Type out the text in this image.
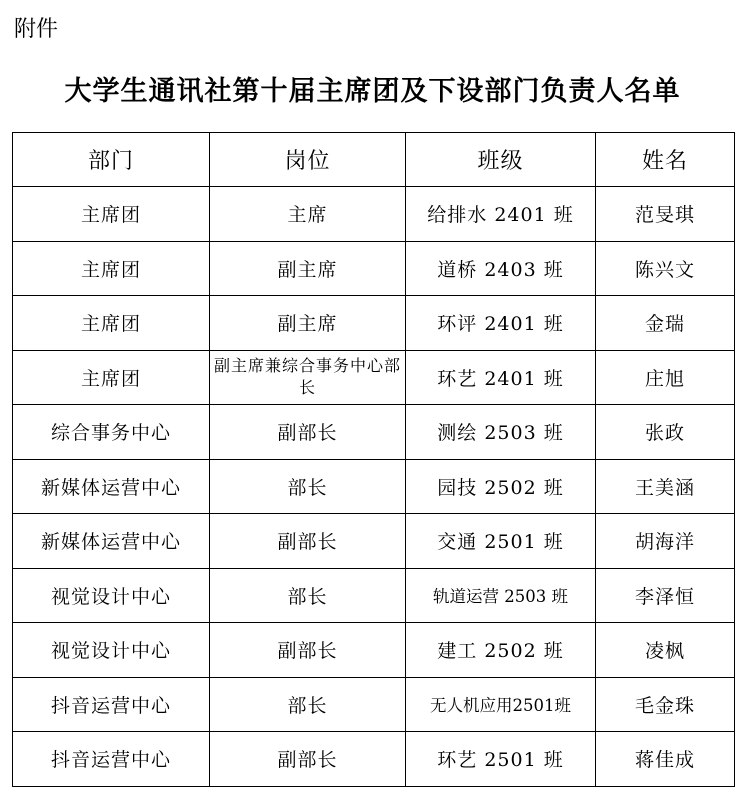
附件
大学生通讯社第十届主席团及下设部门负责人名单
部门	岗位	班级	姓名
主席团	主席	给排水 2401 班	范旻琪
主席团	副主席	道桥 2403 班	陈兴文
主席团	副主席	环评 2401 班	金瑞
主席团	副主席兼综合事务中心部长	环艺 2401 班	庄旭
综合事务中心	副部长	测绘 2503 班	张政
新媒体运营中心	部长	园技 2502 班	王美涵
新媒体运营中心	副部长	交通 2501 班	胡海洋
视觉设计中心	部长	轨道运营 2503 班	李泽恒
视觉设计中心	副部长	建工 2502 班	凌枫
抖音运营中心	部长	无人机应用2501班	毛金珠
抖音运营中心	副部长	环艺 2501 班	蒋佳成
